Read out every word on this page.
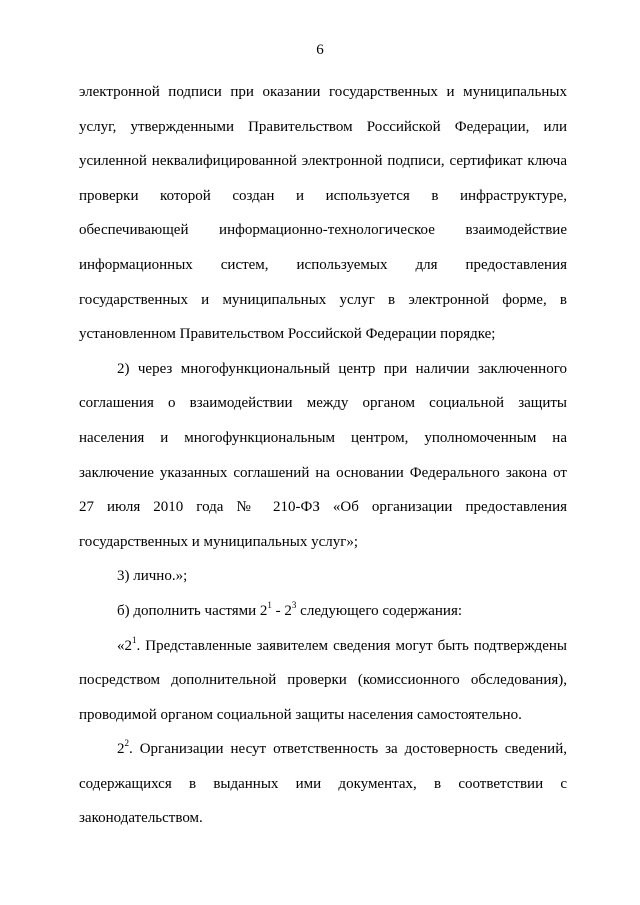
6

электронной подписи при оказании государственных и муниципальных услуг, утвержденными Правительством Российской Федерации, или усиленной неквалифицированной электронной подписи, сертификат ключа проверки которой создан и используется в инфраструктуре, обеспечивающей информационно-технологическое взаимодействие информационных систем, используемых для предоставления государственных и муниципальных услуг в электронной форме, в установленном Правительством Российской Федерации порядке;

2) через многофункциональный центр при наличии заключенного соглашения о взаимодействии между органом социальной защиты населения и многофункциональным центром, уполномоченным на заключение указанных соглашений на основании Федерального закона от 27 июля 2010 года № 210-ФЗ «Об организации предоставления государственных и муниципальных услуг»;

3) лично.»;

б) дополнить частями $2^1 - 2^3$ следующего содержания:

«$2^1$. Представленные заявителем сведения могут быть подтверждены посредством дополнительной проверки (комиссионного обследования), проводимой органом социальной защиты населения самостоятельно.

$2^2$. Организации несут ответственность за достоверность сведений, содержащихся в выданных ими документах, в соответствии с законодательством.
